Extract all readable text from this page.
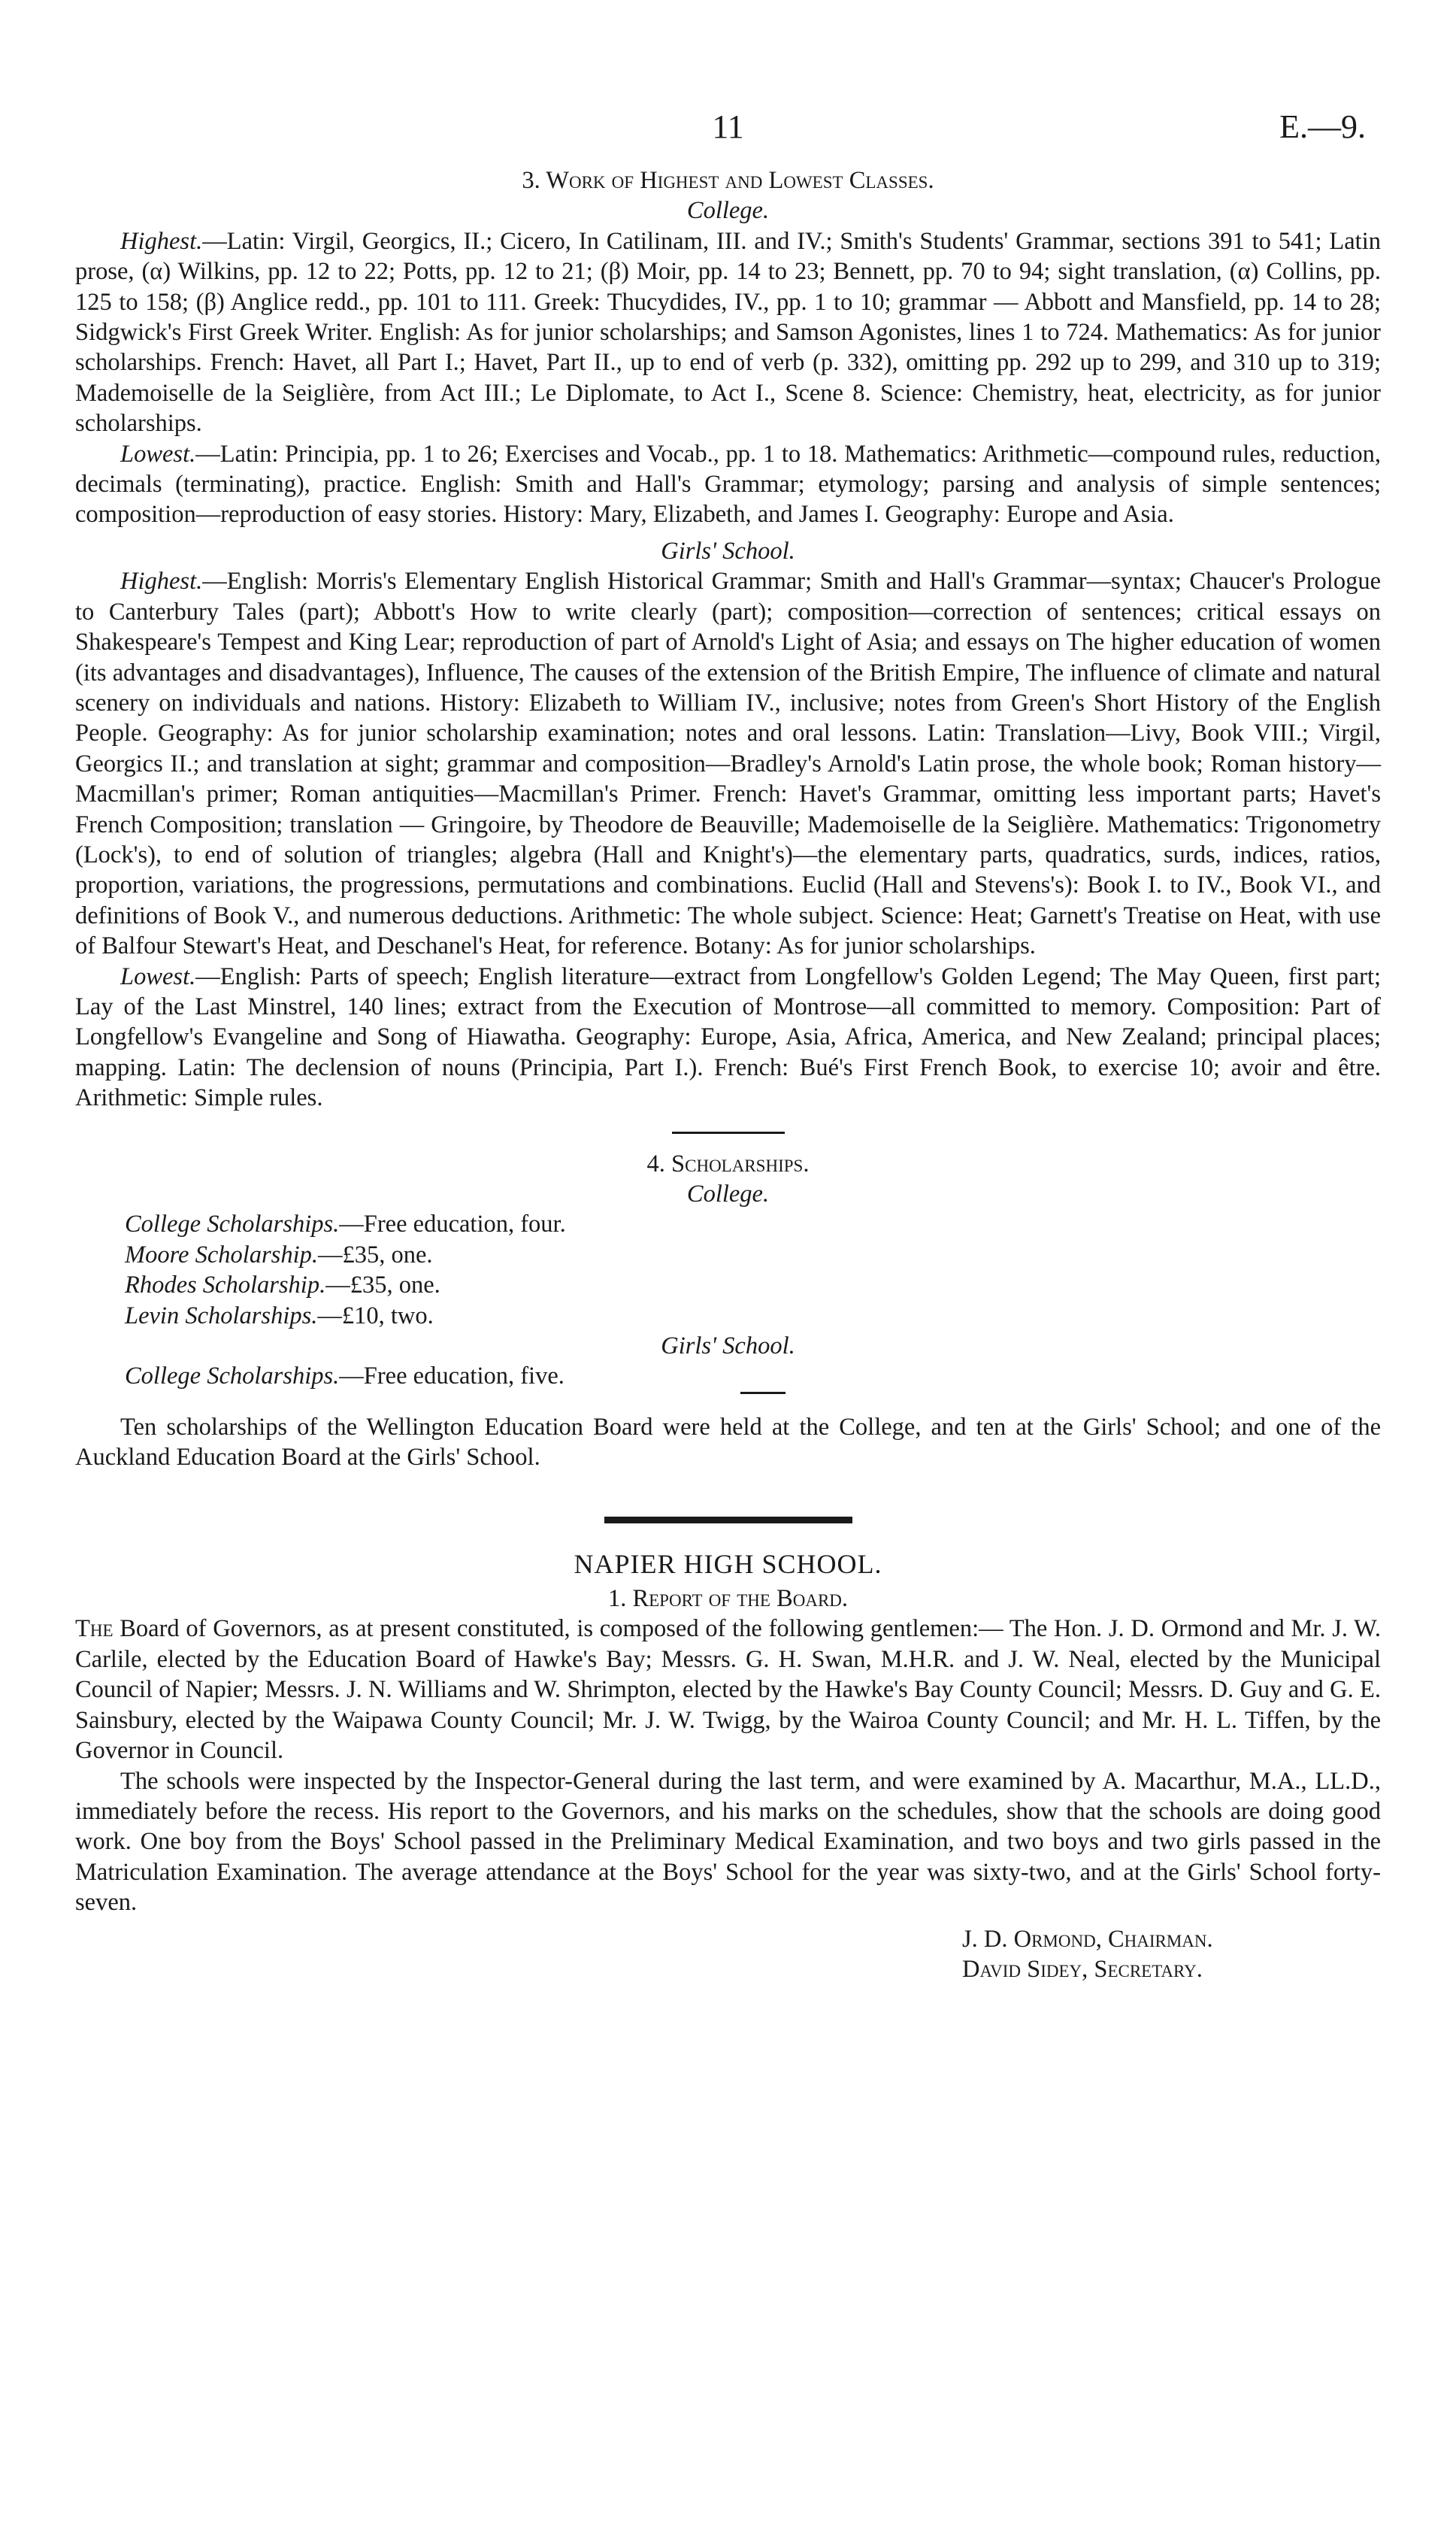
11	E.—9.
3. Work of Highest and Lowest Classes.
College.

Highest.—Latin: Virgil, Georgics, II.; Cicero, In Catilinam, III. and IV.; Smith's Students' Grammar, sections 391 to 541; Latin prose, (α) Wilkins, pp. 12 to 22; Potts, pp. 12 to 21; (β) Moir, pp. 14 to 23; Bennett, pp. 70 to 94; sight translation, (α) Collins, pp. 125 to 158; (β) Anglice redd., pp. 101 to 111. Greek: Thucydides, IV., pp. 1 to 10; grammar — Abbott and Mansfield, pp. 14 to 28; Sidgwick's First Greek Writer. English: As for junior scholarships; and Samson Agonistes, lines 1 to 724. Mathematics: As for junior scholarships. French: Havet, all Part I.; Havet, Part II., up to end of verb (p. 332), omitting pp. 292 up to 299, and 310 up to 319; Mademoiselle de la Seiglière, from Act III.; Le Diplomate, to Act I., Scene 8. Science: Chemistry, heat, electricity, as for junior scholarships.

Lowest.—Latin: Principia, pp. 1 to 26; Exercises and Vocab., pp. 1 to 18. Mathematics: Arithmetic—compound rules, reduction, decimals (terminating), practice. English: Smith and Hall's Grammar; etymology; parsing and analysis of simple sentences; composition—reproduction of easy stories. History: Mary, Elizabeth, and James I. Geography: Europe and Asia.

Girls' School.

Highest.—English: Morris's Elementary English Historical Grammar; Smith and Hall's Grammar—syntax; Chaucer's Prologue to Canterbury Tales (part); Abbott's How to write clearly (part); composition—correction of sentences; critical essays on Shakespeare's Tempest and King Lear; reproduction of part of Arnold's Light of Asia; and essays on The higher education of women (its advantages and disadvantages), Influence, The causes of the extension of the British Empire, The influence of climate and natural scenery on individuals and nations. History: Elizabeth to William IV., inclusive; notes from Green's Short History of the English People. Geography: As for junior scholarship examination; notes and oral lessons. Latin: Translation—Livy, Book VIII.; Virgil, Georgics II.; and translation at sight; grammar and composition—Bradley's Arnold's Latin prose, the whole book; Roman history—Macmillan's primer; Roman antiquities—Macmillan's Primer. French: Havet's Grammar, omitting less important parts; Havet's French Composition; translation — Gringoire, by Theodore de Beauville; Mademoiselle de la Seiglière. Mathematics: Trigonometry (Lock's), to end of solution of triangles; algebra (Hall and Knight's)—the elementary parts, quadratics, surds, indices, ratios, proportion, variations, the progressions, permutations and combinations. Euclid (Hall and Stevens's): Book I. to IV., Book VI., and definitions of Book V., and numerous deductions. Arithmetic: The whole subject. Science: Heat; Garnett's Treatise on Heat, with use of Balfour Stewart's Heat, and Deschanel's Heat, for reference. Botany: As for junior scholarships.

Lowest.—English: Parts of speech; English literature—extract from Longfellow's Golden Legend; The May Queen, first part; Lay of the Last Minstrel, 140 lines; extract from the Execution of Montrose—all committed to memory. Composition: Part of Longfellow's Evangeline and Song of Hiawatha. Geography: Europe, Asia, Africa, America, and New Zealand; principal places; mapping. Latin: The declension of nouns (Principia, Part I.). French: Bué's First French Book, to exercise 10; avoir and être. Arithmetic: Simple rules.

4. Scholarships.
College.
College Scholarships.—Free education, four.
Moore Scholarship.—£35, one.
Rhodes Scholarship.—£35, one.
Levin Scholarships.—£10, two.
Girls' School.
College Scholarships.—Free education, five.

Ten scholarships of the Wellington Education Board were held at the College, and ten at the Girls' School; and one of the Auckland Education Board at the Girls' School.

NAPIER HIGH SCHOOL.
1. Report of the Board.

The Board of Governors, as at present constituted, is composed of the following gentlemen:— The Hon. J. D. Ormond and Mr. J. W. Carlile, elected by the Education Board of Hawke's Bay; Messrs. G. H. Swan, M.H.R. and J. W. Neal, elected by the Municipal Council of Napier; Messrs. J. N. Williams and W. Shrimpton, elected by the Hawke's Bay County Council; Messrs. D. Guy and G. E. Sainsbury, elected by the Waipawa County Council; Mr. J. W. Twigg, by the Wairoa County Council; and Mr. H. L. Tiffen, by the Governor in Council.

The schools were inspected by the Inspector-General during the last term, and were examined by A. Macarthur, M.A., LL.D., immediately before the recess. His report to the Governors, and his marks on the schedules, show that the schools are doing good work. One boy from the Boys' School passed in the Preliminary Medical Examination, and two boys and two girls passed in the Matriculation Examination. The average attendance at the Boys' School for the year was sixty-two, and at the Girls' School forty-seven.

J. D. Ormond, Chairman.
David Sidey, Secretary.
